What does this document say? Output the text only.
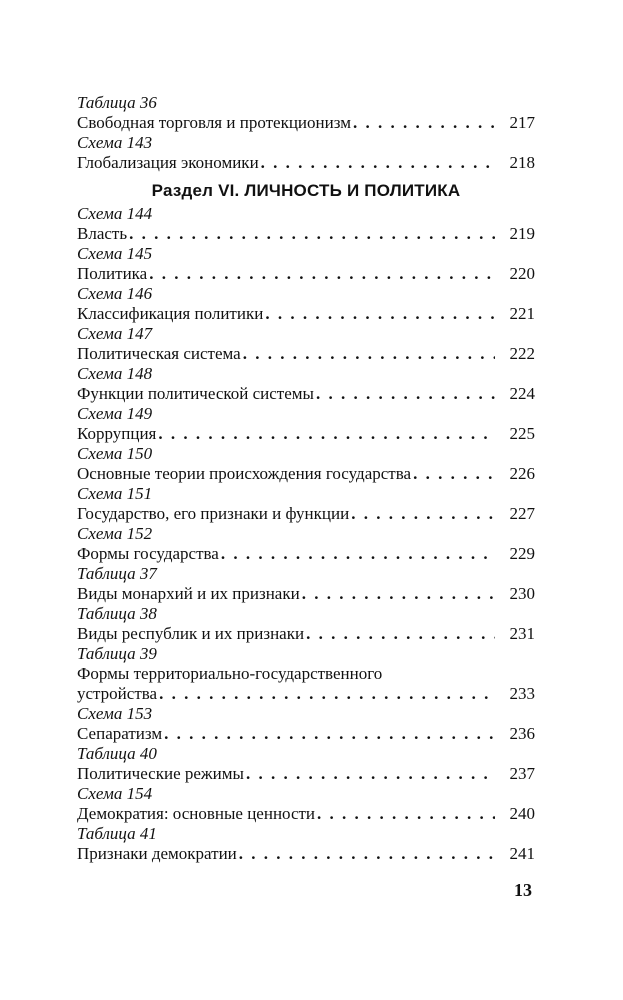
Таблица 36
Свободная торговля и протекционизм . . .	217
Схема 143
Глобализация экономики . . .	218
Раздел VI. ЛИЧНОСТЬ И ПОЛИТИКА
Схема 144
Власть . . .	219
Схема 145
Политика . . .	220
Схема 146
Классификация политики . . .	221
Схема 147
Политическая система . . .	222
Схема 148
Функции политической системы . . .	224
Схема 149
Коррупция . . .	225
Схема 150
Основные теории происхождения государства . . .	226
Схема 151
Государство, его признаки и функции . . .	227
Схема 152
Формы государства . . .	229
Таблица 37
Виды монархий и их признаки . . .	230
Таблица 38
Виды республик и их признаки . . .	231
Таблица 39
Формы территориально-государственного
устройства . . .	233
Схема 153
Сепаратизм . . .	236
Таблица 40
Политические режимы . . .	237
Схема 154
Демократия: основные ценности . . .	240
Таблица 41
Признаки демократии . . .	241
13
